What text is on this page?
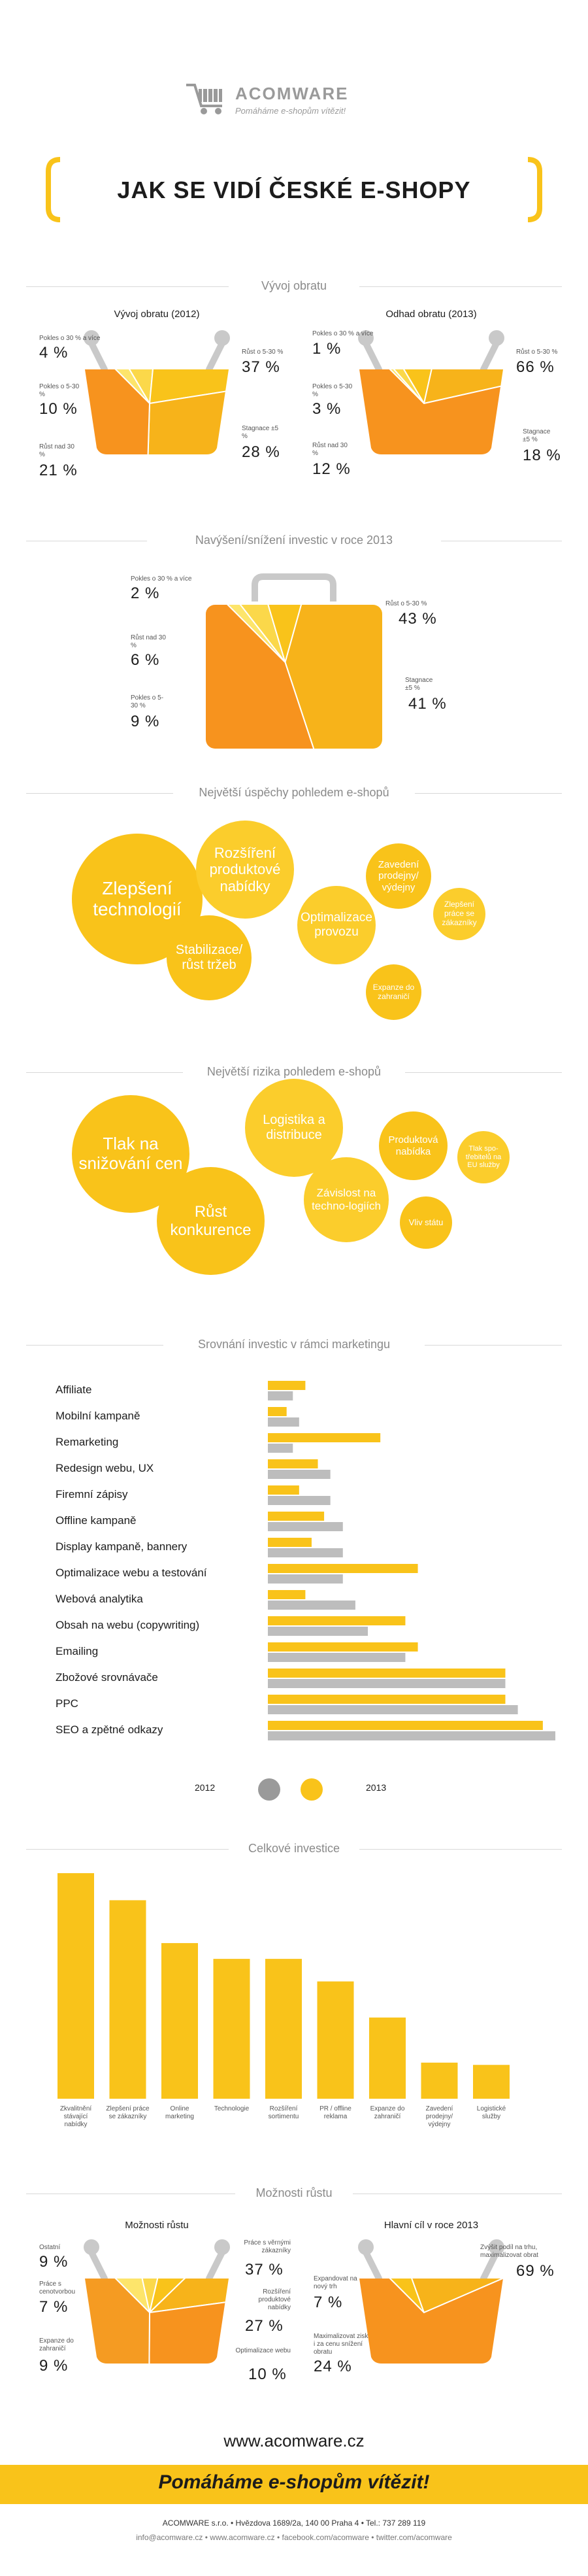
ACOMWARE
Pomáháme e-shopům vítězit!
JAK SE VIDÍ ČESKÉ E-SHOPY
Vývoj obratu
Vývoj obratu (2012)	Odhad obratu (2013)
Pokles o 30 % a více
4 %
Pokles o 5-30 %
10 %
Růst nad 30 %
21 %
Růst o 5-30 %
37 %
Stagnace ±5 %
28 %
Pokles o 30 % a více
1 %
Pokles o 5-30 %
3 %
Růst nad 30 %
12 %
Růst o 5-30 %
66 %
Stagnace ±5 %
18 %
Navýšení/snížení investic v roce 2013
Pokles o 30 % a více
2 %
Růst nad 30 %
6 %
Pokles o 5-30 %
9 %
Růst o 5-30 %
43 %
Stagnace ±5 %
41 %
Největší úspěchy pohledem e-shopů
Zlepšení technologií
Rozšíření produktové nabídky
Stabilizace/ růst tržeb
Optimalizace provozu
Zavedení prodejny/ výdejny
Zlepšení práce se zákazníky
Expanze do zahraničí
Největší rizika pohledem e-shopů
Tlak na snižování cen
Logistika a distribuce	Produktová nabídka	Tlak spo-třebitelů na EU služby
Růst konkurence
Závislost na techno-logiích
Vliv státu
Srovnání investic v rámci marketingu
Affiliate
Mobilní kampaně
Remarketing
Redesign webu, UX
Firemní zápisy
Offline kampaně
Display kampaně, bannery
Optimalizace webu a testování
Webová analytika
Obsah na webu (copywriting)
Emailing
Zbožové srovnávače
PPC
SEO a zpětné odkazy
2012	2013
Celkové investice
Zkvalitnění stávající nabídky
Zlepšení práce se zákazníky
Online marketing
Technologie	Rozšíření sortimentu
PR / offline reklama
Expanze do zahraničí
Zavedení prodejny/ výdejny
Logistické služby
Možnosti růstu
Možnosti růstu	Hlavní cíl v roce 2013
Ostatní
9 %
Práce s cenotvorbou
7 %
Expanze do zahraničí
9 %
Práce s věrnými zákazníky
37 %
Rozšíření produktové nabídky
27 %
Optimalizace webu
10 %
Expandovat na nový trh
7 %
Maximalizovat zisk i za cenu snížení obratu
24 %
Zvýšit podíl na trhu, maximalizovat obrat
69 %
www.acomware.cz
Pomáháme e-shopům vítězit!
ACOMWARE s.r.o. • Hvězdova 1689/2a, 140 00 Praha 4 • Tel.: 737 289 119
info@acomware.cz • www.acomware.cz • facebook.com/acomware • twitter.com/acomware
